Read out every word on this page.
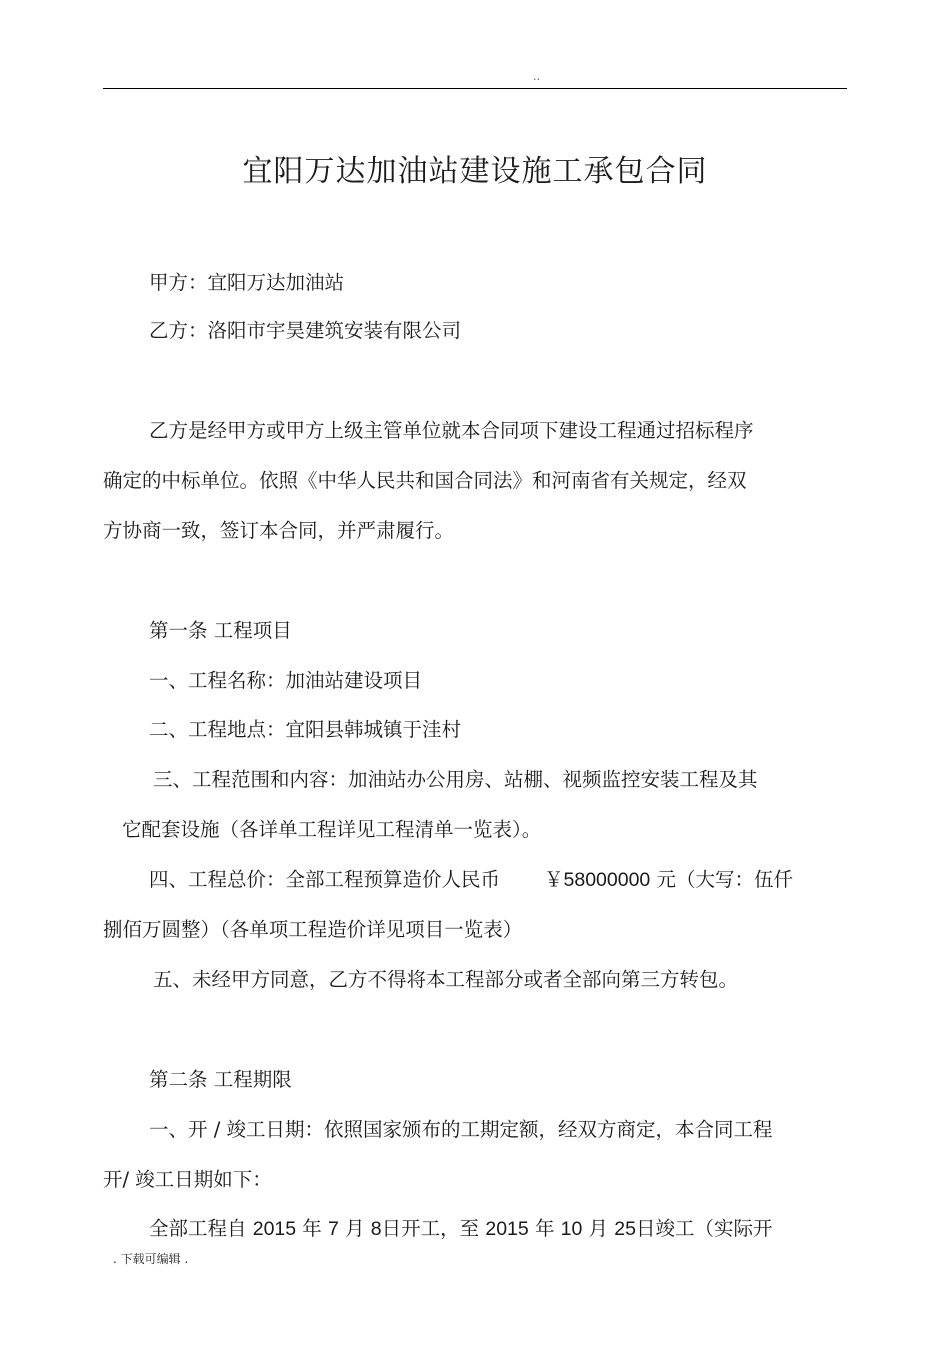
..
宜阳万达加油站建设施工承包合同
甲方：宜阳万达加油站
乙方：洛阳市宇昊建筑安装有限公司
乙方是经甲方或甲方上级主管单位就本合同项下建设工程通过招标程序
确定的中标单位。依照《中华人民共和国合同法》和河南省有关规定，经双
方协商一致，签订本合同，并严肃履行。
第一条 工程项目
一、工程名称：加油站建设项目
二、工程地点：宜阳县韩城镇于洼村
三、工程范围和内容：加油站办公用房、站棚、视频监控安装工程及其
它配套设施（各详单工程详见工程清单一览表）。
四、工程总价：全部工程预算造价人民币 ￥58000000 元（大写：伍仟
捌佰万圆整）（各单项工程造价详见项目一览表）
五、未经甲方同意，乙方不得将本工程部分或者全部向第三方转包。
第二条 工程期限
一、开 / 竣工日期：依照国家颁布的工期定额，经双方商定，本合同工程
开/ 竣工日期如下：
全部工程自 2015 年 7 月 8日开工，至 2015 年 10 月 25日竣工（实际开
. 下载可编辑 .
